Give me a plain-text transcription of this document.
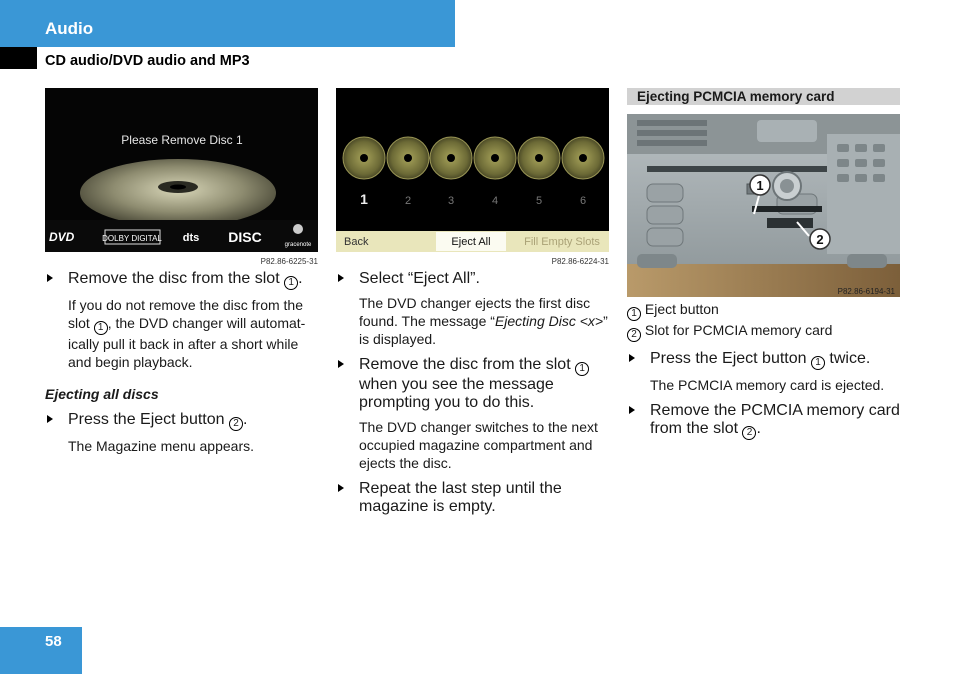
Audio
CD audio/DVD audio and MP3
Please Remove Disc 1
DVD	DOLBY DIGITAL dts DISC	gracenote
P82.86-6225-31
Remove the disc from the slot 1 .

If you do not remove the disc from the slot 1 , the DVD changer will automat-ically pull it back in after a short while and begin playback.

Ejecting all discs

Press the Eject button 2 .

The Magazine menu appears.

1	2	3	4	5	6
Back	Eject All	Fill Empty Slots
P82.86-6224-31
Select “Eject All”.

The DVD changer ejects the first disc found. The message “Ejecting Disc <x>” is displayed.

Remove the disc from the slot 1 when you see the message prompting you to do this.

The DVD changer switches to the next occupied magazine compartment and ejects the disc.

Repeat the last step until the magazine is empty.
Ejecting PCMCIA memory card
1
2
P82.86-6194-31
1 Eject button
2 Slot for PCMCIA memory card
Press the Eject button 1 twice.

The PCMCIA memory card is ejected.

Remove the PCMCIA memory card from the slot 2 .
58
